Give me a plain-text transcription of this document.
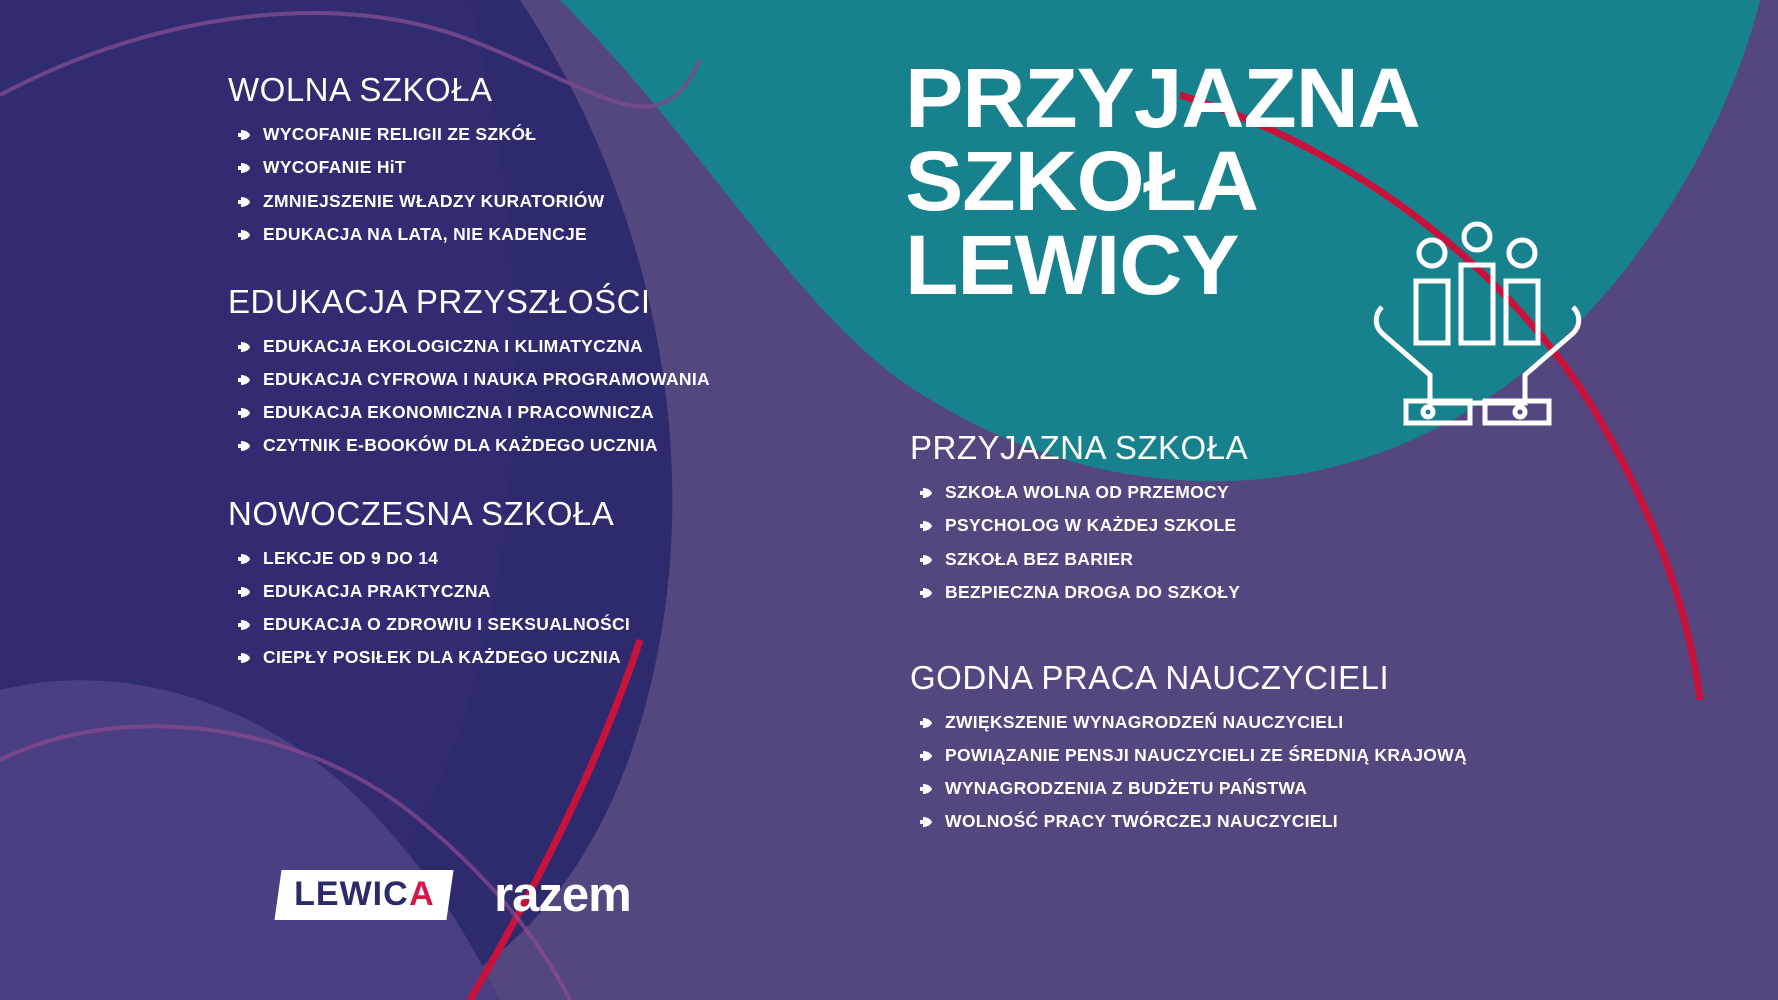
PRZYJAZNA
SZKOŁA
LEWICY
WOLNA SZKOŁA
WYCOFANIE RELIGII ZE SZKÓŁ
WYCOFANIE HiT
ZMNIEJSZENIE WŁADZY KURATORIÓW
EDUKACJA NA LATA, NIE KADENCJE
EDUKACJA PRZYSZŁOŚCI
EDUKACJA EKOLOGICZNA I KLIMATYCZNA
EDUKACJA CYFROWA I NAUKA PROGRAMOWANIA
EDUKACJA EKONOMICZNA I PRACOWNICZA
CZYTNIK E-BOOKÓW DLA KAŻDEGO UCZNIA
NOWOCZESNA SZKOŁA
LEKCJE OD 9 DO 14
EDUKACJA PRAKTYCZNA
EDUKACJA O ZDROWIU I SEKSUALNOŚCI
CIEPŁY POSIŁEK DLA KAŻDEGO UCZNIA
PRZYJAZNA SZKOŁA
SZKOŁA WOLNA OD PRZEMOCY
PSYCHOLOG W KAŻDEJ SZKOLE
SZKOŁA BEZ BARIER
BEZPIECZNA DROGA DO SZKOŁY
GODNA PRACA NAUCZYCIELI
ZWIĘKSZENIE WYNAGRODZEŃ NAUCZYCIELI
POWIĄZANIE PENSJI NAUCZYCIELI ZE ŚREDNIĄ KRAJOWĄ
WYNAGRODZENIA Z BUDŻETU PAŃSTWA
WOLNOŚĆ PRACY TWÓRCZEJ NAUCZYCIELI
LEWICA	razem
